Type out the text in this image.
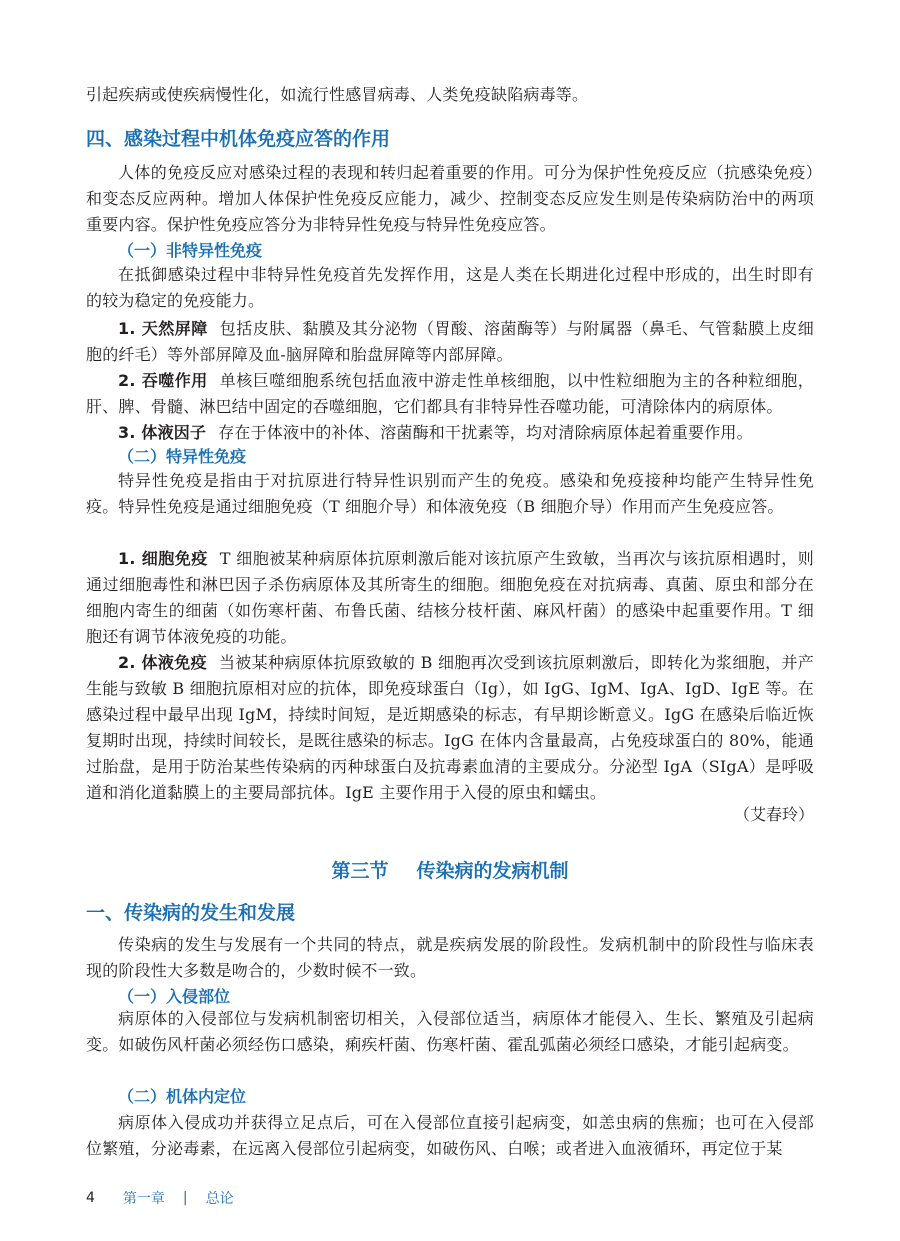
引起疾病或使疾病慢性化，如流行性感冒病毒、人类免疫缺陷病毒等。

四、感染过程中机体免疫应答的作用

人体的免疫反应对感染过程的表现和转归起着重要的作用。可分为保护性免疫反应（抗感染免疫）和变态反应两种。增加人体保护性免疫反应能力，减少、控制变态反应发生则是传染病防治中的两项重要内容。保护性免疫应答分为非特异性免疫与特异性免疫应答。

（一）非特异性免疫

在抵御感染过程中非特异性免疫首先发挥作用，这是人类在长期进化过程中形成的，出生时即有的较为稳定的免疫能力。

1. 天然屏障 包括皮肤、黏膜及其分泌物（胃酸、溶菌酶等）与附属器（鼻毛、气管黏膜上皮细胞的纤毛）等外部屏障及血-脑屏障和胎盘屏障等内部屏障。

2. 吞噬作用 单核巨噬细胞系统包括血液中游走性单核细胞，以中性粒细胞为主的各种粒细胞，肝、脾、骨髓、淋巴结中固定的吞噬细胞，它们都具有非特异性吞噬功能，可清除体内的病原体。

3. 体液因子 存在于体液中的补体、溶菌酶和干扰素等，均对清除病原体起着重要作用。

（二）特异性免疫

特异性免疫是指由于对抗原进行特异性识别而产生的免疫。感染和免疫接种均能产生特异性免疫。特异性免疫是通过细胞免疫（T 细胞介导）和体液免疫（B 细胞介导）作用而产生免疫应答。

1. 细胞免疫 T 细胞被某种病原体抗原刺激后能对该抗原产生致敏，当再次与该抗原相遇时，则通过细胞毒性和淋巴因子杀伤病原体及其所寄生的细胞。细胞免疫在对抗病毒、真菌、原虫和部分在细胞内寄生的细菌（如伤寒杆菌、布鲁氏菌、结核分枝杆菌、麻风杆菌）的感染中起重要作用。T 细胞还有调节体液免疫的功能。

2. 体液免疫 当被某种病原体抗原致敏的 B 细胞再次受到该抗原刺激后，即转化为浆细胞，并产生能与致敏 B 细胞抗原相对应的抗体，即免疫球蛋白（Ig），如 IgG、IgM、IgA、IgD、IgE 等。在感染过程中最早出现 IgM，持续时间短，是近期感染的标志，有早期诊断意义。IgG 在感染后临近恢复期时出现，持续时间较长，是既往感染的标志。IgG 在体内含量最高，占免疫球蛋白的 80%，能通过胎盘，是用于防治某些传染病的丙种球蛋白及抗毒素血清的主要成分。分泌型 IgA（SIgA）是呼吸道和消化道黏膜上的主要局部抗体。IgE 主要作用于入侵的原虫和蠕虫。

（艾春玲）
第三节 传染病的发病机制
一、传染病的发生和发展

传染病的发生与发展有一个共同的特点，就是疾病发展的阶段性。发病机制中的阶段性与临床表现的阶段性大多数是吻合的，少数时候不一致。

（一）入侵部位

病原体的入侵部位与发病机制密切相关，入侵部位适当，病原体才能侵入、生长、繁殖及引起病变。如破伤风杆菌必须经伤口感染，痢疾杆菌、伤寒杆菌、霍乱弧菌必须经口感染，才能引起病变。

（二）机体内定位

病原体入侵成功并获得立足点后，可在入侵部位直接引起病变，如恙虫病的焦痂；也可在入侵部位繁殖，分泌毒素，在远离入侵部位引起病变，如破伤风、白喉；或者进入血液循环，再定位于某

4 第一章 | 总论
